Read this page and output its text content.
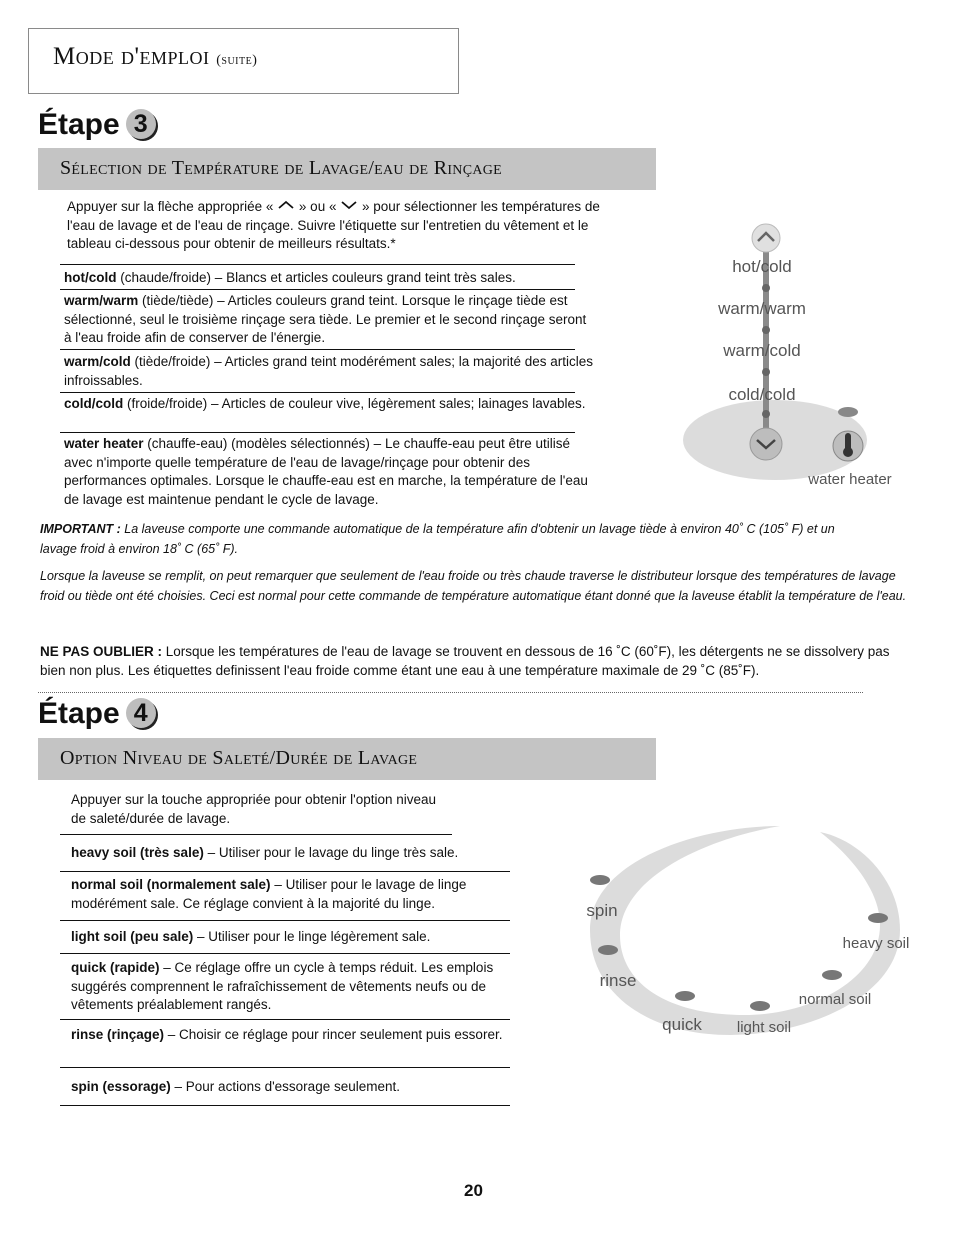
Mode d'emploi (suite)
Étape 3
Sélection de Température de Lavage/eau de Rinçage
Appuyer sur la flèche appropriée « » ou « » pour sélectionner les températures de l'eau de lavage et de l'eau de rinçage. Suivre l'étiquette sur l'entretien du vêtement et le tableau ci-dessous pour obtenir de meilleurs résultats.*
hot/cold (chaude/froide) – Blancs et articles couleurs grand teint très sales.
warm/warm (tiède/tiède) – Articles couleurs grand teint. Lorsque le rinçage tiède est sélectionné, seul le troisième rinçage sera tiède. Le premier et le second rinçage seront à l'eau froide afin de conserver de l'énergie.
warm/cold (tiède/froide) – Articles grand teint modérément sales; la majorité des articles infroissables.
cold/cold (froide/froide) – Articles de couleur vive, légèrement sales; lainages lavables.
water heater (chauffe-eau) (modèles sélectionnés) – Le chauffe-eau peut être utilisé avec n'importe quelle température de l'eau de lavage/rinçage pour obtenir des performances optimales. Lorsque le chauffe-eau est en marche, la température de l'eau de lavage est maintenue pendant le cycle de lavage.
hot/cold
warm/warm
warm/cold
cold/cold
water heater
IMPORTANT : La laveuse comporte une commande automatique de la température afin d'obtenir un lavage tiède à environ 40˚ C (105˚ F) et un lavage froid à environ 18˚ C (65˚ F).
Lorsque la laveuse se remplit, on peut remarquer que seulement de l'eau froide ou très chaude traverse le distributeur lorsque des températures de lavage froid ou tiède ont été choisies. Ceci est normal pour cette commande de température automatique étant donné que la laveuse établit la température de l'eau.
NE PAS OUBLIER : Lorsque les températures de l'eau de lavage se trouvent en dessous de 16 ˚C (60˚F), les détergents ne se dissolvery pas bien non plus. Les étiquettes definissent l'eau froide comme étant une eau à une température maximale de 29 ˚C (85˚F).
Étape 4
Option Niveau de Saleté/Durée de Lavage
Appuyer sur la touche appropriée pour obtenir l'option niveau de saleté/durée de lavage.
heavy soil (très sale) – Utiliser pour le lavage du linge très sale.
normal soil (normalement sale) – Utiliser pour le lavage de linge modérément sale. Ce réglage convient à la majorité du linge.
light soil (peu sale) – Utiliser pour le linge légèrement sale.
quick (rapide) – Ce réglage offre un cycle à temps réduit. Les emplois suggérés comprennent le rafraîchissement de vêtements neufs ou de vêtements préalablement rangés.
rinse (rinçage) – Choisir ce réglage pour rincer seulement puis essorer.
spin (essorage) – Pour actions d'essorage seulement.
spin
rinse
quick light soil
normal soil
heavy soil
20
